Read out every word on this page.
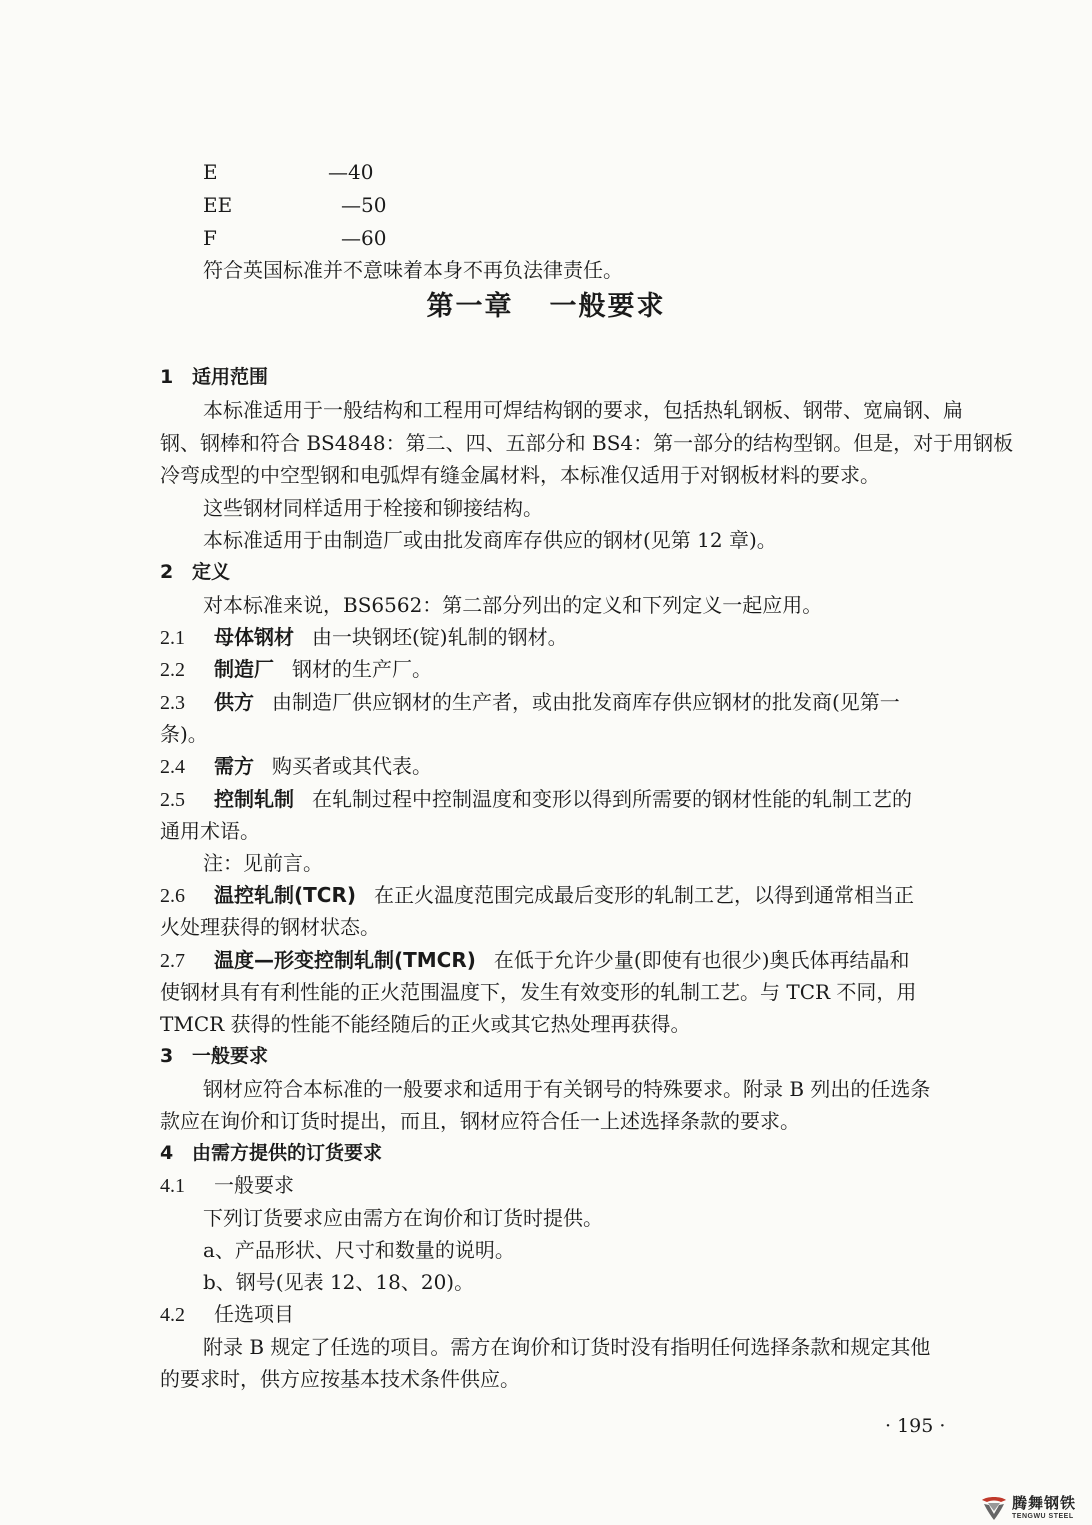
E	—40
EE	—50
F	—60
符合英国标准并不意味着本身不再负法律责任。
第一章 一般要求
1 适用范围
本标准适用于一般结构和工程用可焊结构钢的要求，包括热轧钢板、钢带、宽扁钢、扁
钢、钢棒和符合 BS4848：第二、四、五部分和 BS4：第一部分的结构型钢。但是，对于用钢板
冷弯成型的中空型钢和电弧焊有缝金属材料，本标准仅适用于对钢板材料的要求。
这些钢材同样适用于栓接和铆接结构。
本标准适用于由制造厂或由批发商库存供应的钢材(见第 12 章)。
2 定义
对本标准来说，BS6562：第二部分列出的定义和下列定义一起应用。
2.1 母体钢材 由一块钢坯(锭)轧制的钢材。
2.2 制造厂 钢材的生产厂。
2.3 供方 由制造厂供应钢材的生产者，或由批发商库存供应钢材的批发商(见第一
条)。
2.4 需方 购买者或其代表。
2.5 控制轧制 在轧制过程中控制温度和变形以得到所需要的钢材性能的轧制工艺的
通用术语。
注：见前言。
2.6 温控轧制(TCR) 在正火温度范围完成最后变形的轧制工艺，以得到通常相当正
火处理获得的钢材状态。
2.7 温度—形变控制轧制(TMCR) 在低于允许少量(即使有也很少)奥氏体再结晶和
使钢材具有有利性能的正火范围温度下，发生有效变形的轧制工艺。与 TCR 不同，用
TMCR 获得的性能不能经随后的正火或其它热处理再获得。
3 一般要求
钢材应符合本标准的一般要求和适用于有关钢号的特殊要求。附录 B 列出的任选条
款应在询价和订货时提出，而且，钢材应符合任一上述选择条款的要求。
4 由需方提供的订货要求
4.1 一般要求
下列订货要求应由需方在询价和订货时提供。
a、产品形状、尺寸和数量的说明。
b、钢号(见表 12、18、20)。
4.2 任选项目
附录 B 规定了任选的项目。需方在询价和订货时没有指明任何选择条款和规定其他
的要求时，供方应按基本技术条件供应。
· 195 ·
腾舞钢铁
TENGWU STEEL
